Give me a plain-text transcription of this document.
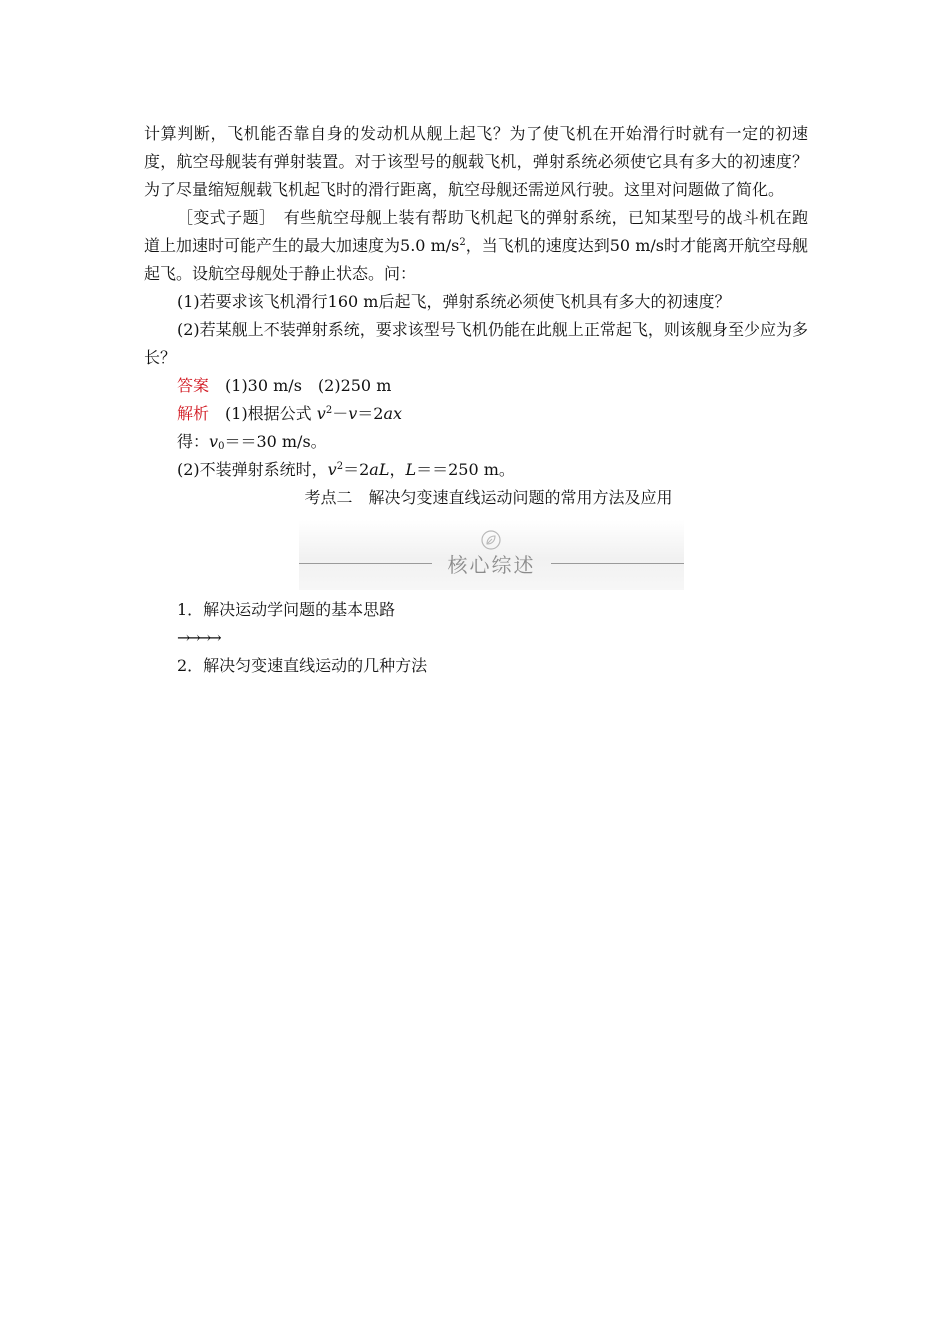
计算判断，飞机能否靠自身的发动机从舰上起飞？为了使飞机在开始滑行时就有一定的初速度，航空母舰装有弹射装置。对于该型号的舰载飞机，弹射系统必须使它具有多大的初速度？为了尽量缩短舰载飞机起飞时的滑行距离，航空母舰还需逆风行驶。这里对问题做了简化。

［变式子题］　 有些航空母舰上装有帮助飞机起飞的弹射系统，已知某型号的战斗机在跑道上加速时可能产生的最大加速度为5.0 $m/s^2$，当飞机的速度达到50 m/s时才能离开航空母舰起飞。设航空母舰处于静止状态。问：

(1)若要求该飞机滑行160 m后起飞，弹射系统必须使飞机具有多大的初速度？

(2)若某舰上不装弹射系统，要求该型号飞机仍能在此舰上正常起飞，则该舰身至少应为多长？

答案　(1)30 m/s　(2)250 m

解析　(1)根据公式 $v^2-v=2ax$

得：$v_0==30$ m/s。

(2)不装弹射系统时，$v^2=2aL$，L＝＝250 m。

考点二　解决匀变速直线运动问题的常用方法及应用

核心综述

1．解决运动学问题的基本思路

→→→→

2．解决匀变速直线运动的几种方法
